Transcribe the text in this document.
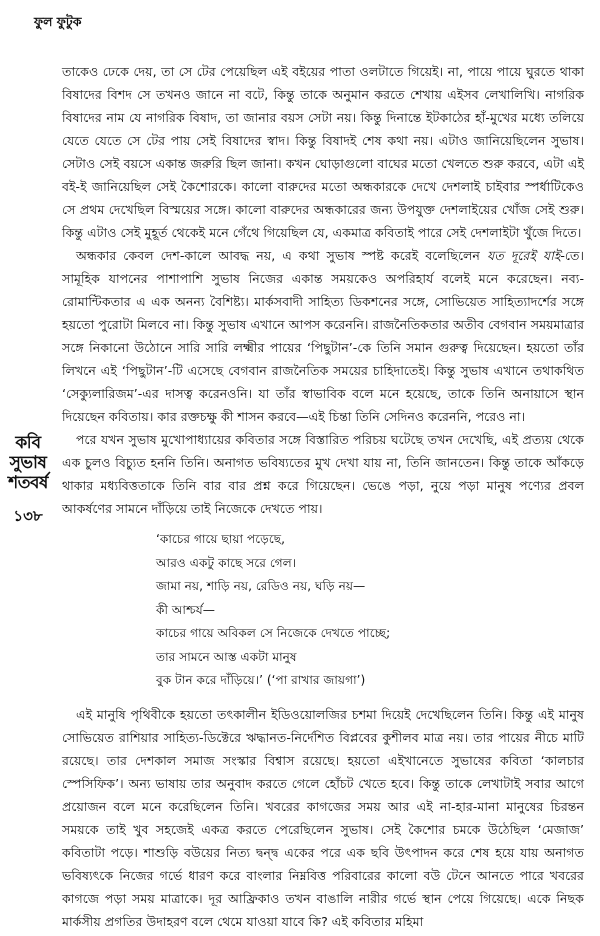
ফুল ফুটুক
কবি
সুভাষ
শতবর্ষ
১৩৮

তাকেও ঢেকে দেয়, তা সে টের পেয়েছিল এই বইয়ের পাতা ওলটাতে গিয়েই। না, পায়ে পায়ে ঘুরতে থাকা বিষাদের বিশদ সে তখনও জানে না বটে, কিন্তু তাকে অনুমান করতে শেখায় এইসব লেখালিখি। নাগরিক বিষাদের নাম যে নাগরিক বিষাদ, তা জানার বয়স সেটা নয়। কিন্তু দিনান্তে ইটকাঠের হাঁ-মুখের মধ্যে তলিয়ে যেতে যেতে সে টের পায় সেই বিষাদের স্বাদ। কিন্তু বিষাদই শেষ কথা নয়। এটাও জানিয়েছিলেন সুভাষ। সেটাও সেই বয়সে একান্ত জরুরি ছিল জানা। কখন ঘোড়াগুলো বাঘের মতো খেলতে শুরু করবে, এটা এই বই-ই জানিয়েছিল সেই কৈশোরকে। কালো বারুদের মতো অন্ধকারকে দেখে দেশলাই চাইবার স্পর্ধাটিকেও সে প্রথম দেখেছিল বিস্ময়ের সঙ্গে। কালো বারুদের অন্ধকারের জন্য উপযুক্ত দেশলাইয়ের খোঁজ সেই শুরু। কিন্তু এটাও সেই মুহূর্ত থেকেই মনে গেঁথে গিয়েছিল যে, একমাত্র কবিতাই পারে সেই দেশলাইটা খুঁজে দিতে।

অন্ধকার কেবল দেশ-কালে আবদ্ধ নয়, এ কথা সুভাষ স্পষ্ট করেই বলেছিলেন যত দূরেই যাই-তে। সামূহিক যাপনের পাশাপাশি সুভাষ নিজের একান্ত সময়কেও অপরিহার্য বলেই মনে করেছেন। নব্য-রোমান্টিকতার এ এক অনন্য বৈশিষ্ট্য। মার্কসবাদী সাহিত্য ডিকশনের সঙ্গে, সোভিয়েত সাহিত্যাদর্শের সঙ্গে হয়তো পুরোটা মিলবে না। কিন্তু সুভাষ এখানে আপস করেননি। রাজনৈতিকতার অতীব বেগবান সময়মাত্রার সঙ্গে নিকানো উঠোনে সারি সারি লক্ষ্মীর পায়ের ‘পিছুটান’-কে তিনি সমান গুরুত্ব দিয়েছেন। হয়তো তাঁর লিখনে এই ‘পিছুটান’-টি এসেছে বেগবান রাজনৈতিক সময়ের চাহিদাতেই। কিন্তু সুভাষ এখানে তথাকথিত ‘সেক্যুলারিজম’-এর দাসত্ব করেনওনি। যা তাঁর স্বাভাবিক বলে মনে হয়েছে, তাকে তিনি অনায়াসে স্থান দিয়েছেন কবিতায়। কার রক্তচক্ষু কী শাসন করবে—এই চিন্তা তিনি সেদিনও করেননি, পরেও না।

পরে যখন সুভাষ মুখোপাধ্যায়ের কবিতার সঙ্গে বিস্তারিত পরিচয় ঘটেছে তখন দেখেছি, এই প্রত্যয় থেকে এক চুলও বিচ্যুত হননি তিনি। অনাগত ভবিষ্যতের মুখ দেখা যায় না, তিনি জানতেন। কিন্তু তাকে আঁকড়ে থাকার মধ্যবিত্ততাকে তিনি বার বার প্রশ্ন করে গিয়েছেন। ভেঙে পড়া, নুয়ে পড়া মানুষ পণ্যের প্রবল আকর্ষণের সামনে দাঁড়িয়ে তাই নিজেকে দেখতে পায়।

‘কাচের গায়ে ছায়া পড়েছে,
আরও একটু কাছে সরে গেল।
জামা নয়, শাড়ি নয়, রেডিও নয়, ঘড়ি নয়—
কী আশ্চর্য—
কাচের গায়ে অবিকল সে নিজেকে দেখতে পাচ্ছে;
তার সামনে আস্ত একটা মানুষ
বুক টান করে দাঁড়িয়ে।’ (‘পা রাখার জায়গা’)

এই মানুষি পৃথিবীকে হয়তো তৎকালীন ইডিওয়োলজির চশমা দিয়েই দেখেছিলেন তিনি। কিন্তু এই মানুষ সোভিয়েত রাশিয়ার সাহিত্য-ডিক্টেরে ঋদ্ধানত-নির্দেশিত বিপ্লবের কুশীলব মাত্র নয়। তার পায়ের নীচে মাটি রয়েছে। তার দেশকাল সমাজ সংস্কার বিশ্বাস রয়েছে। হয়তো এইখানেতে সুভাষের কবিতা ‘কালচার স্পেসিফিক’। অন্য ভাষায় তার অনুবাদ করতে গেলে হোঁচট খেতে হবে। কিন্তু তাকে লেখাটাই সবার আগে প্রয়োজন বলে মনে করেছিলেন তিনি। খবরের কাগজের সময় আর এই না-হার-মানা মানুষের চিরন্তন সময়কে তাই খুব সহজেই একত্র করতে পেরেছিলেন সুভাষ। সেই কৈশোর চমকে উঠেছিল ‘মেজাজ’ কবিতাটা পড়ে। শাশুড়ি বউয়ের নিত্য দ্বন্দ্ব একের পরে এক ছবি উৎপাদন করে শেষ হয়ে যায় অনাগত ভবিষ্যৎকে নিজের গর্ভে ধারণ করে বাংলার নিম্নবিত্ত পরিবারের কালো বউ টেনে আনতে পারে খবরের কাগজে পড়া সময় মাত্রাকে। দূর আফ্রিকাও তখন বাঙালি নারীর গর্ভে স্থান পেয়ে গিয়েছে। একে নিছক মার্কসীয় প্রগতির উদাহরণ বলে থেমে যাওয়া যাবে কি? এই কবিতার মহিমা
